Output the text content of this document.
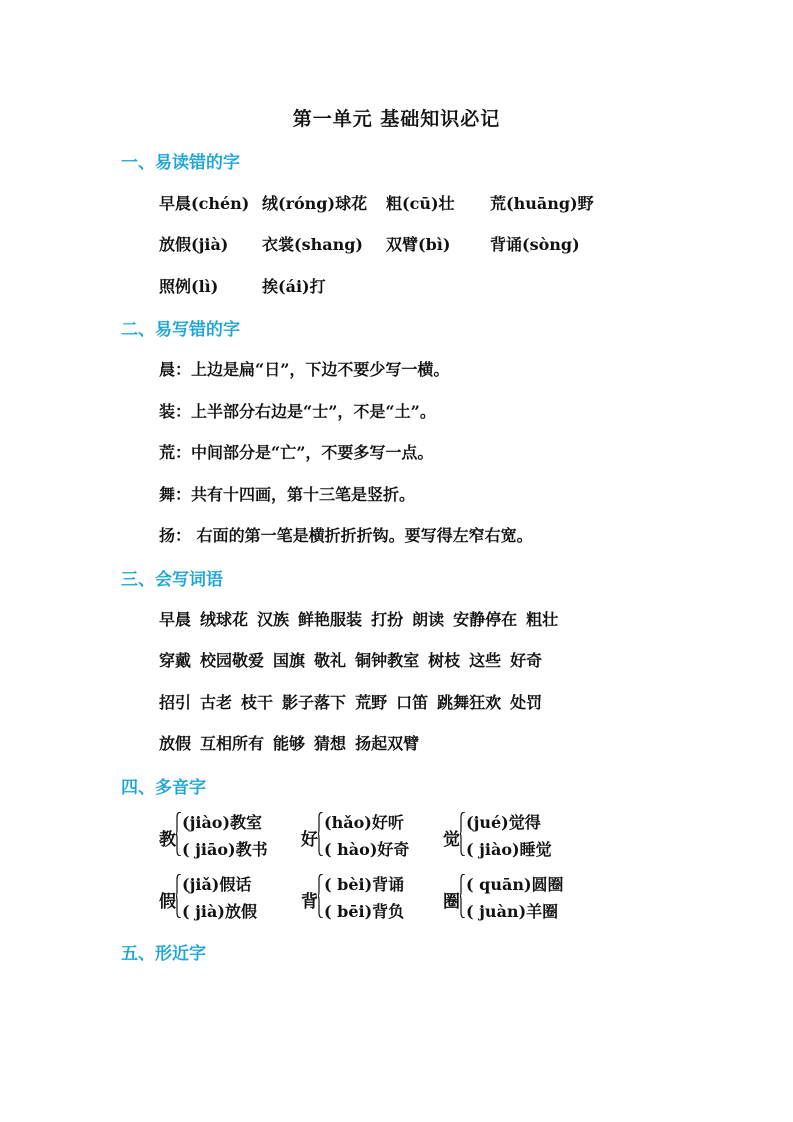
第一单元 基础知识必记
一、易读错的字
早晨(chén) 绒(róng)球花 粗(cū)壮 荒(huāng)野
放假(jià) 衣裳(shang) 双臂(bì) 背诵(sòng)
照例(lì)	挨(ái)打
二、易写错的字
晨：上边是扁“日”，下边不要少写一横。
装：上半部分右边是“士”，不是“土”。
荒：中间部分是“亡”，不要多写一点。
舞：共有十四画，第十三笔是竖折。
扬： 右面的第一笔是横折折折钩。要写得左窄右宽。
三、会写词语
早晨 绒球花 汉族 鲜艳服装 打扮 朗读 安静停在 粗壮
穿戴 校园敬爱 国旗 敬礼 铜钟教室 树枝 这些 好奇
招引 古老 枝干 影子落下 荒野 口笛 跳舞狂欢 处罚
放假 互相所有 能够 猜想 扬起双臂
四、多音字
教
(jiào)教室
( jiāo)教书 好
(hǎo)好听
( hào)好奇 觉
(jué)觉得
( jiào)睡觉
假
(jiǎ)假话
( jià)放假	背
( bèi)背诵
( bēi)背负 圈
( quān)圆圈
( juàn)羊圈
五、形近字
